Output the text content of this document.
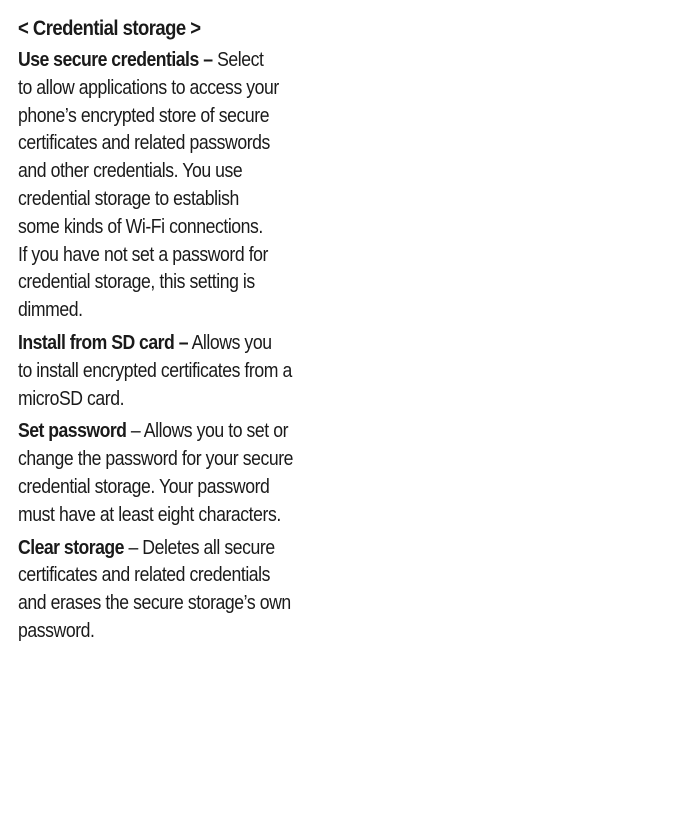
< Credential storage >
Use secure credentials – Select
to allow applications to access your
phone’s encrypted store of secure
certificates and related passwords
and other credentials. You use
credential storage to establish
some kinds of Wi-Fi connections.
If you have not set a password for
credential storage, this setting is
dimmed.
Install from SD card – Allows you
to install encrypted certificates from a
microSD card.
Set password – Allows you to set or
change the password for your secure
credential storage. Your password
must have at least eight characters.
Clear storage – Deletes all secure
certificates and related credentials
and erases the secure storage’s own
password.
